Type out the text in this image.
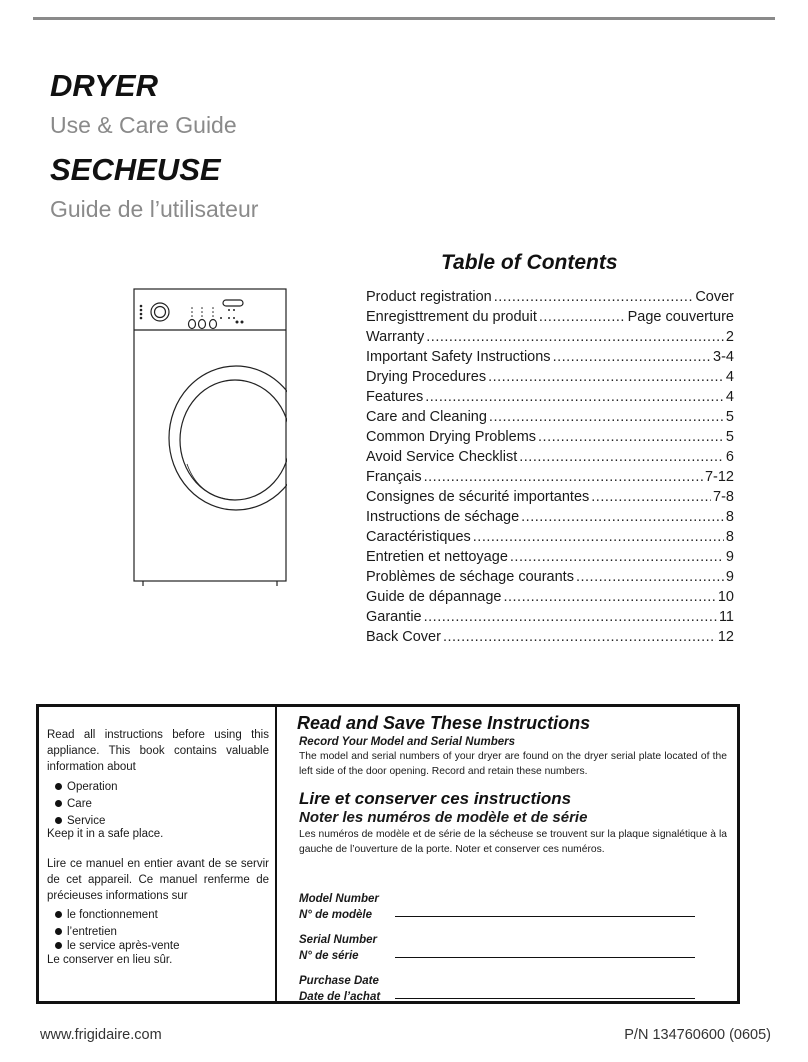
DRYER
Use & Care Guide
SECHEUSE
Guide de l’utilisateur
Table of Contents
Product registration .....	Cover
Enregisttrement du produit .....	Page couverture
Warranty .....	2
Important Safety Instructions .....	3-4
Drying Procedures .....	4
Features .....	4
Care and Cleaning .....	5
Common Drying Problems .....	5
Avoid Service Checklist .....	6
Français .....	7-12
Consignes de sécurité importantes .....	7-8
Instructions de séchage .....	8
Caractéristiques .....	8
Entretien et nettoyage .....	9
Problèmes de séchage courants .....	9
Guide de dépannage .....	10
Garantie .....	11
Back Cover .....	12

Read all instructions before using this appliance. This book contains valuable information about

Operation
Care
Service

Keep it in a safe place.

Lire ce manuel en entier avant de se servir de cet appareil. Ce manuel renferme de précieuses informations sur

le fonctionnement
l’entretien
le service après-vente

Le conserver en lieu sûr.

Read and Save These Instructions
Record Your Model and Serial Numbers

The model and serial numbers of your dryer are found on the dryer serial plate located of the left side of the door opening. Record and retain these numbers.

Lire et conserver ces instructions
Noter les numéros de modèle et de série

Les numéros de modèle et de série de la sécheuse se trouvent sur la plaque signalétique à la gauche de l’ouverture de la porte. Noter et conserver ces numéros.

Model Number
N° de modèle
Serial Number
N° de série
Purchase Date
Date de l’achat
www.frigidaire.com	P/N 134760600 (0605)
